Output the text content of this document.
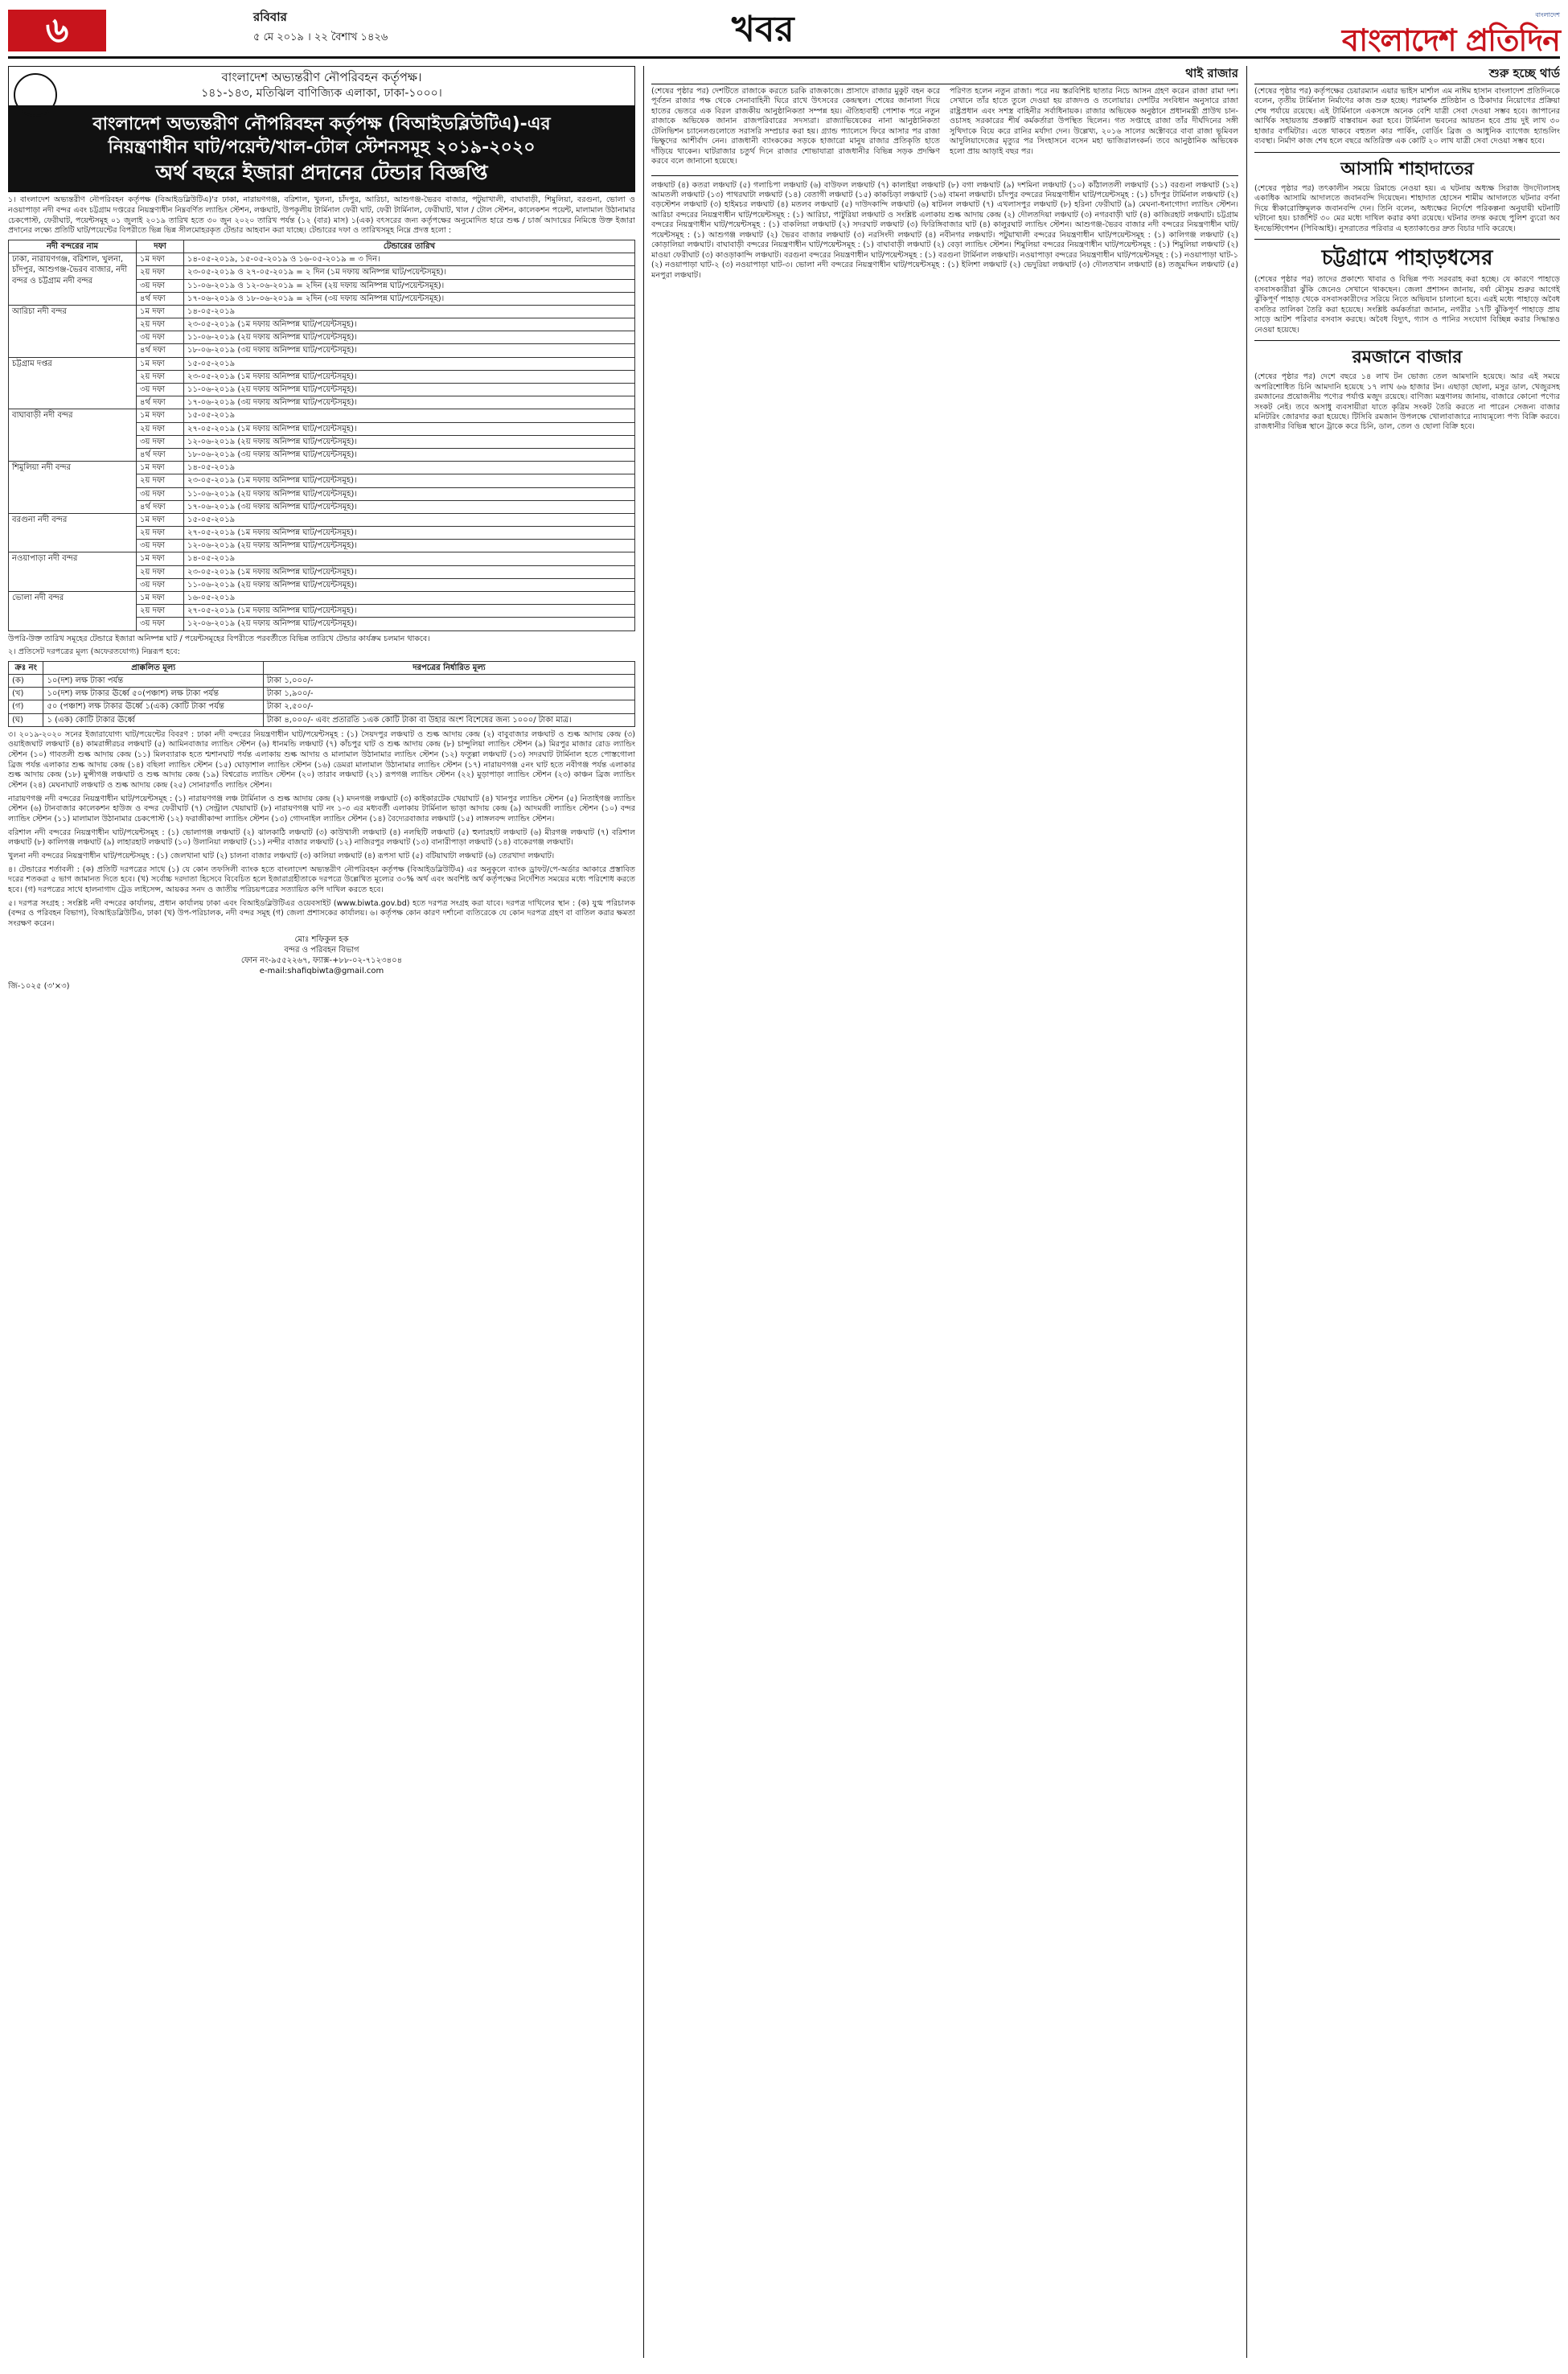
৬	রবিবার
৫ মে ২০১৯ । ২২ বৈশাখ ১৪২৬	খবর	বাংলাদেশ
বাংলাদেশ প্রতিদিন
বাংলাদেশ অভ্যন্তরীণ নৌপরিবহন কর্তৃপক্ষ।
১৪১-১৪৩, মতিঝিল বাণিজ্যিক এলাকা, ঢাকা-১০০০।
বাংলাদেশ অভ্যন্তরীণ নৌপরিবহন কর্তৃপক্ষ (বিআইডব্লিউটিএ)-এর
নিয়ন্ত্রণাধীন ঘাট/পয়েন্ট/খাল-টোল স্টেশনসমূহ ২০১৯-২০২০
অর্থ বছরে ইজারা প্রদানের টেন্ডার বিজ্ঞপ্তি

১। বাংলাদেশ অভ্যন্তরীণ নৌপরিবহন কর্তৃপক্ষ (বিআইডব্লিউটিএ)'র ঢাকা, নারায়ণগঞ্জ, বরিশাল, খুলনা, চাঁদপুর, আরিচা, আশুগঞ্জ-ভৈরব বাজার, পটুয়াখালী, বাঘাবাড়ী, শিমুলিয়া, বরগুনা, ভোলা ও নওয়াপাড়া নদী বন্দর এবং চট্টগ্রাম দপ্তরের নিয়ন্ত্রণাধীন নিম্নবর্ণিত ল্যান্ডিং স্টেশন, লঞ্চঘাট, উপকূলীয় টার্মিনাল ফেরী ঘাট, ফেরী টার্মিনাল, ফেরীঘাট, খাল / টোল স্টেশন, কালেকশন পয়েন্ট, মালামাল উঠানামার চেকপোস্ট, ফেরীঘাট, পয়েন্টসমূহ ০১ জুলাই ২০১৯ তারিখ হতে ৩০ জুন ২০২০ তারিখ পর্যন্ত (১২ (বার) মাস) ১(এক) বৎসরের জন্য কর্তৃপক্ষের অনুমোদিত হারে শুল্ক / চার্জ আদায়ের নিমিত্তে উক্ত ইজারা প্রদানের লক্ষ্যে প্রতিটি ঘাট/পয়েন্টের বিপরীতে ভিন্ন ভিন্ন সীলমোহরকৃত টেন্ডার আহবান করা যাচ্ছে। টেন্ডারের দফা ও তারিখসমূহ নিম্নে প্রদত্ত হলো :

নদী বন্দরের নাম	দফা	টেন্ডারের তারিখ
ঢাকা, নারায়ণগঞ্জ, বরিশাল, খুলনা, চাঁদপুর, আশুগঞ্জ-ভৈরব বাজার, নদী বন্দর ও চট্টগ্রাম নদী বন্দর	১ম দফা	১৪-০৫-২০১৯, ১৫-০৫-২০১৯ ও ১৬-০৫-২০১৯ = ৩ দিন।
	২য় দফা	২৩-০৫-২০১৯ ও ২৭-০৫-২০১৯ = ২ দিন (১ম দফায় অনিষ্পন্ন ঘাট/পয়েন্টসমূহ)।
	৩য় দফা	১১-০৬-২০১৯ ও ১২-০৬-২০১৯ = ২দিন (২য় দফায় অনিষ্পন্ন ঘাট/পয়েন্টসমূহ)।
	৪র্থ দফা	১৭-০৬-২০১৯ ও ১৮-০৬-২০১৯ = ২দিন (৩য় দফায় অনিষ্পন্ন ঘাট/পয়েন্টসমূহ)।
আরিচা নদী বন্দর	১ম দফা	১৪-০৫-২০১৯
	২য় দফা	২৩-০৫-২০১৯ (১ম দফায় অনিষ্পন্ন ঘাট/পয়েন্টসমূহ)।
	৩য় দফা	১১-০৬-২০১৯ (২য় দফায় অনিষ্পন্ন ঘাট/পয়েন্টসমূহ)।
	৪র্থ দফা	১৮-০৬-২০১৯ (৩য় দফায় অনিষ্পন্ন ঘাট/পয়েন্টসমূহ)।
চট্টগ্রাম দপ্তর	১ম দফা	১৫-০৫-২০১৯
	২য় দফা	২৩-০৫-২০১৯ (১ম দফায় অনিষ্পন্ন ঘাট/পয়েন্টসমূহ)।
	৩য় দফা	১১-০৬-২০১৯ (২য় দফায় অনিষ্পন্ন ঘাট/পয়েন্টসমূহ)।
	৪র্থ দফা	১৭-০৬-২০১৯ (৩য় দফায় অনিষ্পন্ন ঘাট/পয়েন্টসমূহ)।
বাঘাবাড়ী নদী বন্দর	১ম দফা	১৫-০৫-২০১৯
	২য় দফা	২৭-০৫-২০১৯ (১ম দফায় অনিষ্পন্ন ঘাট/পয়েন্টসমূহ)।
	৩য় দফা	১২-০৬-২০১৯ (২য় দফায় অনিষ্পন্ন ঘাট/পয়েন্টসমূহ)।
	৪র্থ দফা	১৮-০৬-২০১৯ (৩য় দফায় অনিষ্পন্ন ঘাট/পয়েন্টসমূহ)।
শিমুলিয়া নদী বন্দর	১ম দফা	১৪-০৫-২০১৯
	২য় দফা	২৩-০৫-২০১৯ (১ম দফায় অনিষ্পন্ন ঘাট/পয়েন্টসমূহ)।
	৩য় দফা	১১-০৬-২০১৯ (২য় দফায় অনিষ্পন্ন ঘাট/পয়েন্টসমূহ)।
	৪র্থ দফা	১৭-০৬-২০১৯ (৩য় দফায় অনিষ্পন্ন ঘাট/পয়েন্টসমূহ)।
বরগুনা নদী বন্দর	১ম দফা	১৫-০৫-২০১৯
	২য় দফা	২৭-০৫-২০১৯ (১ম দফায় অনিষ্পন্ন ঘাট/পয়েন্টসমূহ)।
	৩য় দফা	১২-০৬-২০১৯ (২য় দফায় অনিষ্পন্ন ঘাট/পয়েন্টসমূহ)।
নওয়াপাড়া নদী বন্দর	১ম দফা	১৪-০৫-২০১৯
	২য় দফা	২৩-০৫-২০১৯ (১ম দফায় অনিষ্পন্ন ঘাট/পয়েন্টসমূহ)।
	৩য় দফা	১১-০৬-২০১৯ (২য় দফায় অনিষ্পন্ন ঘাট/পয়েন্টসমূহ)।
ভোলা নদী বন্দর	১ম দফা	১৬-০৫-২০১৯
	২য় দফা	২৭-০৫-২০১৯ (১ম দফায় অনিষ্পন্ন ঘাট/পয়েন্টসমূহ)।
	৩য় দফা	১২-০৬-২০১৯ (২য় দফায় অনিষ্পন্ন ঘাট/পয়েন্টসমূহ)।

উপরি-উক্ত তারিখ সমূহের টেন্ডারে ইজারা অনিষ্পন্ন ঘাট / পয়েন্টসমূহের বিপরীতে পরবর্তীতে বিভিন্ন তারিখে টেন্ডার কার্যক্রম চলমান থাকবে।

২। প্রতিসেট দরপত্রের মূল্য (অফেরতযোগ্য) নিম্নরূপ হবে:

ক্রঃ নং	প্রাক্কলিত মূল্য	দরপত্রের নির্ধারিত মূল্য
(ক)	১০(দশ) লক্ষ টাকা পর্যন্ত	টাকা ১,০০০/-
(খ)	১০(দশ) লক্ষ টাকার ঊর্ধ্বে ৫০(পঞ্চাশ) লক্ষ টাকা পর্যন্ত	টাকা ১,৯০০/-
(গ)	৫০ (পঞ্চাশ) লক্ষ টাকার ঊর্ধ্বে ১(এক) কোটি টাকা পর্যন্ত	টাকা ২,৫০০/-
(ঘ)	১ (এক) কোটি টাকার ঊর্ধ্বে	টাকা ৪,০০০/- এবং প্রতারতি ১এক কোটি টাকা বা উহার অংশ বিশেষের জন্য ১০০০/ টাকা মাত্র।

৩। ২০১৯-২০২০ সনের ইজারাযোগ্য ঘাট/পয়েন্টের বিবরণ : ঢাকা নদী বন্দরের নিয়ন্ত্রণাধীন ঘাট/পয়েন্টসমূহ : (১) সৈয়দপুর লঞ্চঘাট ও শুল্ক আদায় কেন্দ্র (২) বাবুবাজার লঞ্চঘাট ও শুল্ক আদায় কেন্দ্র (৩) ওয়াইজঘাট লঞ্চঘাট (৪) কামরাঙ্গীরচর লঞ্চঘাট (৫) আমিনবাজার ল্যান্ডিং স্টেশন (৬) ধানমন্ডি লঞ্চঘাট (৭) কাঁচপুর ঘাট ও শুল্ক আদায় কেন্দ্র (৮) চান্দুলিয়া ল্যান্ডিং স্টেশন (৯) মিরপুর মাজার রোড ল্যান্ডিং স্টেশন (১০) গাবতলী শুল্ক আদায় কেন্দ্র (১১) মিলব্যারাক হতে শ্মশানঘাট পর্যন্ত এলাকায় শুল্ক আদায় ও মালামাল উঠানামার ল্যান্ডিং স্টেশন (১২) ফতুল্লা লঞ্চঘাট (১৩) সদরঘাট টার্মিনাল হতে পোস্তগোলা ব্রিজ পর্যন্ত এলাকার শুল্ক আদায় কেন্দ্র (১৪) বছিলা ল্যান্ডিং স্টেশন (১৫) ঘোড়াশাল ল্যান্ডিং স্টেশন (১৬) ডেমরা মালামাল উঠানামার ল্যান্ডিং স্টেশন (১৭) নারায়ণগঞ্জ ৫নং ঘাট হতে নবীগঞ্জ পর্যন্ত এলাকার শুল্ক আদায় কেন্দ্র (১৮) মুন্সীগঞ্জ লঞ্চঘাট ও শুল্ক আদায় কেন্দ্র (১৯) বিশ্বরোড ল্যান্ডিং স্টেশন (২০) তারাব লঞ্চঘাট (২১) রূপগঞ্জ ল্যান্ডিং স্টেশন (২২) মুড়াপাড়া ল্যান্ডিং স্টেশন (২৩) কাঞ্চন ব্রিজ ল্যান্ডিং স্টেশন (২৪) মেঘনাঘাট লঞ্চঘাট ও শুল্ক আদায় কেন্দ্র (২৫) সোনারগাঁও ল্যান্ডিং স্টেশন।

নারায়ণগঞ্জ নদী বন্দরের নিয়ন্ত্রণাধীন ঘাট/পয়েন্টসমূহ : (১) নারায়ণগঞ্জ লঞ্চ টার্মিনাল ও শুল্ক আদায় কেন্দ্র (২) মদনগঞ্জ লঞ্চঘাট (৩) কাইকারটেক খেয়াঘাট (৪) খানপুর ল্যান্ডিং স্টেশন (৫) নিতাইগঞ্জ ল্যান্ডিং স্টেশন (৬) টানবাজার কালেকশন হাউজ ও বন্দর ফেরীঘাট (৭) সেন্ট্রাল খেয়াঘাট (৮) নারায়ণগঞ্জ ঘাট নং ১-৩ এর মধ্যবর্তী এলাকায় টার্মিনাল ভাড়া আদায় কেন্দ্র (৯) আদমজী ল্যান্ডিং স্টেশন (১০) বন্দর ল্যান্ডিং স্টেশন (১১) মালামাল উঠানামার চেকপোস্ট (১২) ফরাজীকান্দা ল্যান্ডিং স্টেশন (১৩) গোদনাইল ল্যান্ডিং স্টেশন (১৪) বৈদ্যেরবাজার লঞ্চঘাট (১৫) লাঙ্গলবন্দ ল্যান্ডিং স্টেশন।

বরিশাল নদী বন্দরের নিয়ন্ত্রণাধীন ঘাট/পয়েন্টসমূহ : (১) ভোলাগঞ্জ লঞ্চঘাট (২) ঝালকাঠি লঞ্চঘাট (৩) কাউখালী লঞ্চঘাট (৪) নলছিটি লঞ্চঘাট (৫) হুলারহাট লঞ্চঘাট (৬) মীরগঞ্জ লঞ্চঘাট (৭) বরিশাল লঞ্চঘাট (৮) কালিগঞ্জ লঞ্চঘাট (৯) লাহারহাট লঞ্চঘাট (১০) উলানিয়া লঞ্চঘাট (১১) নন্দীর বাজার লঞ্চঘাট (১২) নাজিরপুর লঞ্চঘাট (১৩) বানারীপাড়া লঞ্চঘাট (১৪) বাকেরগঞ্জ লঞ্চঘাট।

খুলনা নদী বন্দরের নিয়ন্ত্রণাধীন ঘাট/পয়েন্টসমূহ : (১) জেলখানা ঘাট (২) চালনা বাজার লঞ্চঘাট (৩) কালিয়া লঞ্চঘাট (৪) রূপসা ঘাট (৫) বটিয়াঘাটা লঞ্চঘাট (৬) তেরখাদা লঞ্চঘাট।

৪। টেন্ডারের শর্তাবলী : (ক) প্রতিটি দরপত্রের সাথে (১) যে কোন তফসিলী ব্যাংক হতে বাংলাদেশ অভ্যন্তরীণ নৌপরিবহন কর্তৃপক্ষ (বিআইডব্লিউটিএ) এর অনুকূলে ব্যাংক ড্রাফট/পে-অর্ডার আকারে প্রস্তাবিত দরের শতকরা ৫ ভাগ জামানত দিতে হবে। (খ) সর্বোচ্চ দরদাতা হিসেবে বিবেচিত হলে ইজারাগ্রহীতাকে দরপত্রে উল্লেখিত মূল্যের ৩০% অর্থ এবং অবশিষ্ট অর্থ কর্তৃপক্ষের নির্দেশিত সময়ের মধ্যে পরিশোধ করতে হবে। (গ) দরপত্রের সাথে হালনাগাদ ট্রেড লাইসেন্স, আয়কর সনদ ও জাতীয় পরিচয়পত্রের সত্যায়িত কপি দাখিল করতে হবে।

৫। দরপত্র সংগ্রহ : সংশ্লিষ্ট নদী বন্দরের কার্যালয়, প্রধান কার্যালয় ঢাকা এবং বিআইডব্লিউটিএর ওয়েবসাইট (www.biwta.gov.bd) হতে দরপত্র সংগ্রহ করা যাবে। দরপত্র দাখিলের স্থান : (ক) যুগ্ম পরিচালক (বন্দর ও পরিবহন বিভাগ), বিআইডব্লিউটিএ, ঢাকা (খ) উপ-পরিচালক, নদী বন্দর সমূহ (গ) জেলা প্রশাসকের কার্যালয়। ৬। কর্তৃপক্ষ কোন কারণ দর্শানো ব্যতিরেকে যে কোন দরপত্র গ্রহণ বা বাতিল করার ক্ষমতা সংরক্ষণ করেন।

মোঃ শফিকুল হক
বন্দর ও পরিবহন বিভাগ
ফোন নং-৯৫৫২২৬৭, ফ্যাক্স-+৮৮-০২-৭১২৩৪০৪
e-mail:shafiqbiwta@gmail.com
জি-১০২৫ (৩'×৩)
থাই রাজার

(শেষের পৃষ্ঠার পর) দেশটিতে রাজাকে করতে চরকি রাজকাজে। প্রাসাদে রাজার মুকুট বহন করে পূর্বতন রাজার পক্ষ থেকে সেনাবাহিনী ঘিরে রাখে উৎসবের কেন্দ্রস্থল। শেষের জানালা দিয়ে হাতের ভেতরে এক বিরল রাজকীয় আনুষ্ঠানিকতা সম্পন্ন হয়। ঐতিহ্যবাহী পোশাক পরে নতুন রাজাকে অভিষেক জানান রাজপরিবারের সদস্যরা। রাজ্যাভিষেকের নানা আনুষ্ঠানিকতা টেলিভিশন চ্যানেলগুলোতে সরাসরি সম্প্রচার করা হয়। গ্র্যান্ড প্যালেসে ফিরে আসার পর রাজা ভিক্ষুদের আশীর্বাদ নেন। রাজধানী ব্যাংককের সড়কে হাজারো মানুষ রাজার প্রতিকৃতি হাতে দাঁড়িয়ে থাকেন। ঘাটরাজার চতুর্থ দিনে রাজার শোভাযাত্রা রাজধানীর বিভিন্ন সড়ক প্রদক্ষিণ করবে বলে জানানো হয়েছে।

পরিণত হলেন নতুন রাজা। পরে নয় স্তরবিশিষ্ট ছাতার নিচে আসন গ্রহণ করেন রাজা রামা দশ। সেখানে তাঁর হাতে তুলে দেওয়া হয় রাজদণ্ড ও তলোয়ার। দেশটির সংবিধান অনুসারে রাজা রাষ্ট্রপ্রধান এবং সশস্ত্র বাহিনীর সর্বাধিনায়ক। রাজার অভিষেক অনুষ্ঠানে প্রধানমন্ত্রী প্রাউথ চান-ওচাসহ সরকারের শীর্ষ কর্মকর্তারা উপস্থিত ছিলেন। গত সপ্তাহে রাজা তাঁর দীর্ঘদিনের সঙ্গী সুথিদাকে বিয়ে করে রানির মর্যাদা দেন। উল্লেখ্য, ২০১৬ সালের অক্টোবরে বাবা রাজা ভূমিবল আদুলিয়াদেজের মৃত্যুর পর সিংহাসনে বসেন মহা ভাজিরালংকর্ন। তবে আনুষ্ঠানিক অভিষেক হলো প্রায় আড়াই বছর পর।

লঞ্চঘাট (৪) কতরা লঞ্চঘাট (৫) গলাচিপা লঞ্চঘাট (৬) বাউফল লঞ্চঘাট (৭) কালাইয়া লঞ্চঘাট (৮) বগা লঞ্চঘাট (৯) দশমিনা লঞ্চঘাট (১০) কাঁঠালতলী লঞ্চঘাট (১১) বরগুনা লঞ্চঘাট (১২) আমতলী লঞ্চঘাট (১৩) পাথরঘাটা লঞ্চঘাট (১৪) বেতাগী লঞ্চঘাট (১৫) কাকচিড়া লঞ্চঘাট (১৬) বামনা লঞ্চঘাট। চাঁদপুর বন্দরের নিয়ন্ত্রণাধীন ঘাট/পয়েন্টসমূহ : (১) চাঁদপুর টার্মিনাল লঞ্চঘাট (২) বড়স্টেশন লঞ্চঘাট (৩) হাইমচর লঞ্চঘাট (৪) মতলব লঞ্চঘাট (৫) দাউদকান্দি লঞ্চঘাট (৬) ষাটনল লঞ্চঘাট (৭) এখলাসপুর লঞ্চঘাট (৮) হরিনা ফেরীঘাট (৯) মেঘনা-ধনাগোদা ল্যান্ডিং স্টেশন। আরিচা বন্দরের নিয়ন্ত্রণাধীন ঘাট/পয়েন্টসমূহ : (১) আরিচা, পাটুরিয়া লঞ্চঘাট ও সংশ্লিষ্ট এলাকায় শুল্ক আদায় কেন্দ্র (২) দৌলতদিয়া লঞ্চঘাট (৩) নগরবাড়ী ঘাট (৪) কাজিরহাট লঞ্চঘাট। চট্টগ্রাম বন্দরের নিয়ন্ত্রণাধীন ঘাট/পয়েন্টসমূহ : (১) বাকলিয়া লঞ্চঘাট (২) সদরঘাট লঞ্চঘাট (৩) ফিরিঙ্গিবাজার ঘাট (৪) কালুরঘাট ল্যান্ডিং স্টেশন। আশুগঞ্জ-ভৈরব বাজার নদী বন্দরের নিয়ন্ত্রণাধীন ঘাট/পয়েন্টসমূহ : (১) আশুগঞ্জ লঞ্চঘাট (২) ভৈরব বাজার লঞ্চঘাট (৩) নরসিংদী লঞ্চঘাট (৪) নবীনগর লঞ্চঘাট। পটুয়াখালী বন্দরের নিয়ন্ত্রণাধীন ঘাট/পয়েন্টসমূহ : (১) কালিগঞ্জ লঞ্চঘাট (২) কোড়ালিয়া লঞ্চঘাট। বাঘাবাড়ী বন্দরের নিয়ন্ত্রণাধীন ঘাট/পয়েন্টসমূহ : (১) বাঘাবাড়ী লঞ্চঘাট (২) বেড়া ল্যান্ডিং স্টেশন। শিমুলিয়া বন্দরের নিয়ন্ত্রণাধীন ঘাট/পয়েন্টসমূহ : (১) শিমুলিয়া লঞ্চঘাট (২) মাওয়া ফেরীঘাট (৩) কাওড়াকান্দি লঞ্চঘাট। বরগুনা বন্দরের নিয়ন্ত্রণাধীন ঘাট/পয়েন্টসমূহ : (১) বরগুনা টার্মিনাল লঞ্চঘাট। নওয়াপাড়া বন্দরের নিয়ন্ত্রণাধীন ঘাট/পয়েন্টসমূহ : (১) নওয়াপাড়া ঘাট-১ (২) নওয়াপাড়া ঘাট-২ (৩) নওয়াপাড়া ঘাট-৩। ভোলা নদী বন্দরের নিয়ন্ত্রণাধীন ঘাট/পয়েন্টসমূহ : (১) ইলিশা লঞ্চঘাট (২) ভেদুরিয়া লঞ্চঘাট (৩) দৌলতখান লঞ্চঘাট (৪) তজুমদ্দিন লঞ্চঘাট (৫) মনপুরা লঞ্চঘাট।

শুরু হচ্ছে থার্ড

(শেষের পৃষ্ঠার পর) কর্তৃপক্ষের চেয়ারম্যান এয়ার ভাইস মার্শাল এম নাঈম হাসান বাংলাদেশ প্রতিদিনকে বলেন, তৃতীয় টার্মিনাল নির্মাণের কাজ শুরু হচ্ছে। পরামর্শক প্রতিষ্ঠান ও ঠিকাদার নিয়োগের প্রক্রিয়া শেষ পর্যায়ে রয়েছে। এই টার্মিনালে একসঙ্গে অনেক বেশি যাত্রী সেবা দেওয়া সম্ভব হবে। জাপানের আর্থিক সহায়তায় প্রকল্পটি বাস্তবায়ন করা হবে। টার্মিনাল ভবনের আয়তন হবে প্রায় দুই লাখ ৩০ হাজার বর্গমিটার। এতে থাকবে বহুতল কার পার্কিং, বোর্ডিং ব্রিজ ও আধুনিক ব্যাগেজ হ্যান্ডলিং ব্যবস্থা। নির্মাণ কাজ শেষ হলে বছরে অতিরিক্ত এক কোটি ২০ লাখ যাত্রী সেবা দেওয়া সম্ভব হবে।

আসামি শাহাদাতের

(শেষের পৃষ্ঠার পর) তৎকালীন সময়ে রিমান্ডে নেওয়া হয়। এ ঘটনায় অধ্যক্ষ সিরাজ উদদৌলাসহ একাধিক আসামি আদালতে জবানবন্দি দিয়েছেন। শাহাদাত হোসেন শামীম আদালতে ঘটনার বর্ণনা দিয়ে স্বীকারোক্তিমূলক জবানবন্দি দেন। তিনি বলেন, অধ্যক্ষের নির্দেশে পরিকল্পনা অনুযায়ী ঘটনাটি ঘটানো হয়। চার্জশিট ৩০ মের মধ্যে দাখিল করার কথা রয়েছে। ঘটনার তদন্ত করছে পুলিশ ব্যুরো অব ইনভেস্টিগেশন (পিবিআই)। নুসরাতের পরিবার এ হত্যাকাণ্ডের দ্রুত বিচার দাবি করেছে।

চট্টগ্রামে পাহাড়ধসের

(শেষের পৃষ্ঠার পর) তাদের প্রকাশ্যে খাবার ও বিভিন্ন পণ্য সরবরাহ করা হচ্ছে। যে কারণে পাহাড়ে বসবাসকারীরা ঝুঁকি জেনেও সেখানে থাকছেন। জেলা প্রশাসন জানায়, বর্ষা মৌসুম শুরুর আগেই ঝুঁকিপূর্ণ পাহাড় থেকে বসবাসকারীদের সরিয়ে নিতে অভিযান চালানো হবে। এরই মধ্যে পাহাড়ে অবৈধ বসতির তালিকা তৈরি করা হয়েছে। সংশ্লিষ্ট কর্মকর্তারা জানান, নগরীর ১৭টি ঝুঁকিপূর্ণ পাহাড়ে প্রায় সাড়ে আটশ পরিবার বসবাস করছে। অবৈধ বিদ্যুৎ, গ্যাস ও পানির সংযোগ বিচ্ছিন্ন করার সিদ্ধান্তও নেওয়া হয়েছে।

রমজানে বাজার

(শেষের পৃষ্ঠার পর) দেশে বছরে ১৪ লাখ টন ভোজ্য তেল আমদানি হয়েছে। আর এই সময়ে অপরিশোধিত চিনি আমদানি হয়েছে ১৭ লাখ ৬৬ হাজার টন। এছাড়া ছোলা, মসুর ডাল, খেজুরসহ রমজানের প্রয়োজনীয় পণ্যের পর্যাপ্ত মজুদ রয়েছে। বাণিজ্য মন্ত্রণালয় জানায়, বাজারে কোনো পণ্যের সংকট নেই। তবে অসাধু ব্যবসায়ীরা যাতে কৃত্রিম সংকট তৈরি করতে না পারেন সেজন্য বাজার মনিটরিং জোরদার করা হয়েছে। টিসিবি রমজান উপলক্ষে খোলাবাজারে ন্যায্যমূল্যে পণ্য বিক্রি করবে। রাজধানীর বিভিন্ন স্থানে ট্রাকে করে চিনি, ডাল, তেল ও ছোলা বিক্রি হবে।
